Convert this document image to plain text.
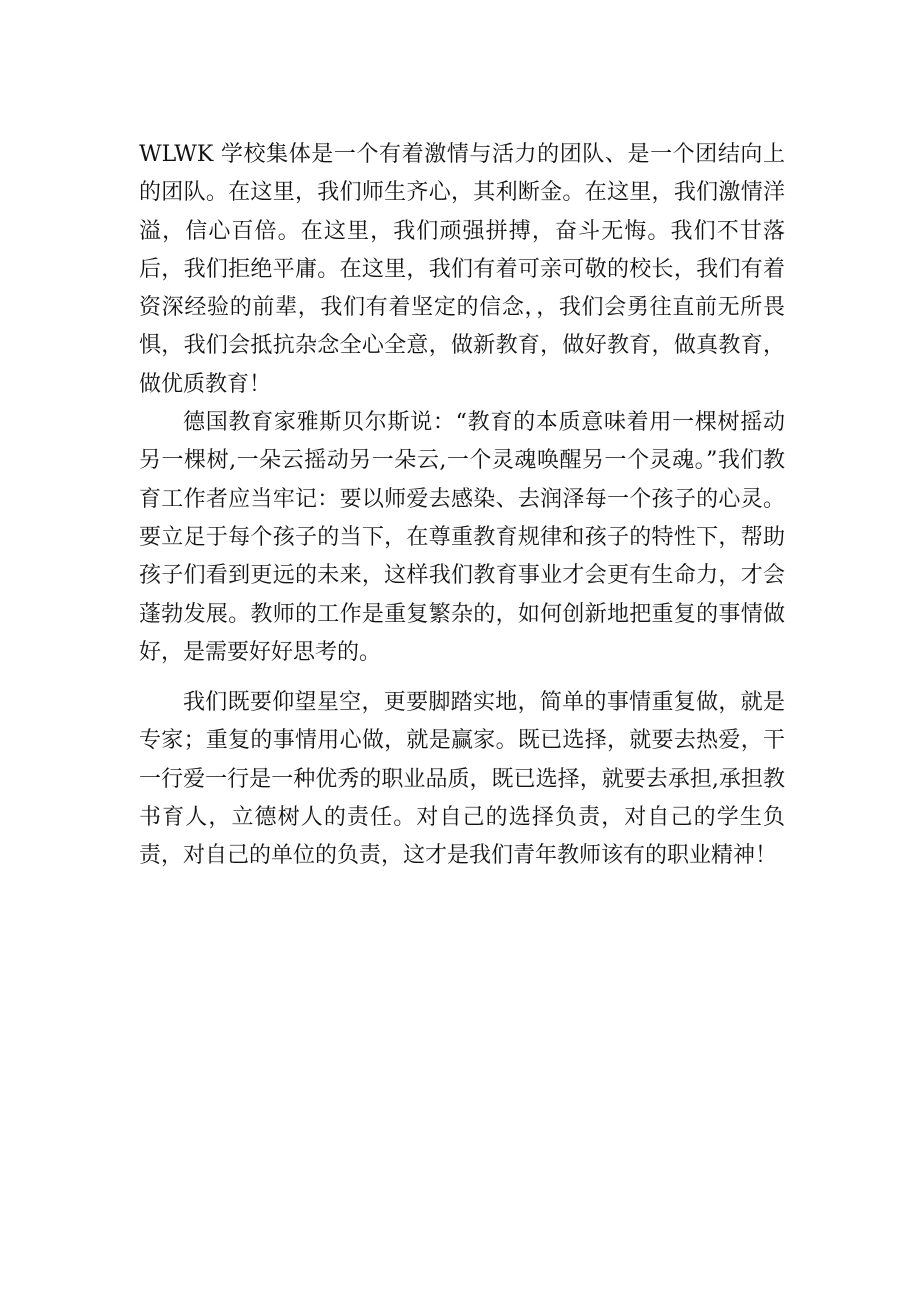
WLWK 学校集体是一个有着激情与活力的团队、是一个团结向上的团队。在这里，我们师生齐心，其利断金。在这里，我们激情洋溢，信心百倍。在这里，我们顽强拼搏，奋斗无悔。我们不甘落后，我们拒绝平庸。在这里，我们有着可亲可敬的校长，我们有着资深经验的前辈，我们有着坚定的信念，，我们会勇往直前无所畏惧，我们会抵抗杂念全心全意，做新教育，做好教育，做真教育，做优质教育！

德国教育家雅斯贝尔斯说：“教育的本质意味着用一棵树摇动另一棵树,一朵云摇动另一朵云,一个灵魂唤醒另一个灵魂。”我们教育工作者应当牢记：要以师爱去感染、去润泽每一个孩子的心灵。要立足于每个孩子的当下，在尊重教育规律和孩子的特性下，帮助孩子们看到更远的未来，这样我们教育事业才会更有生命力，才会蓬勃发展。教师的工作是重复繁杂的，如何创新地把重复的事情做好，是需要好好思考的。

我们既要仰望星空，更要脚踏实地，简单的事情重复做，就是专家；重复的事情用心做，就是赢家。既已选择，就要去热爱，干一行爱一行是一种优秀的职业品质，既已选择，就要去承担,承担教书育人，立德树人的责任。对自己的选择负责，对自己的学生负责，对自己的单位的负责，这才是我们青年教师该有的职业精神！
